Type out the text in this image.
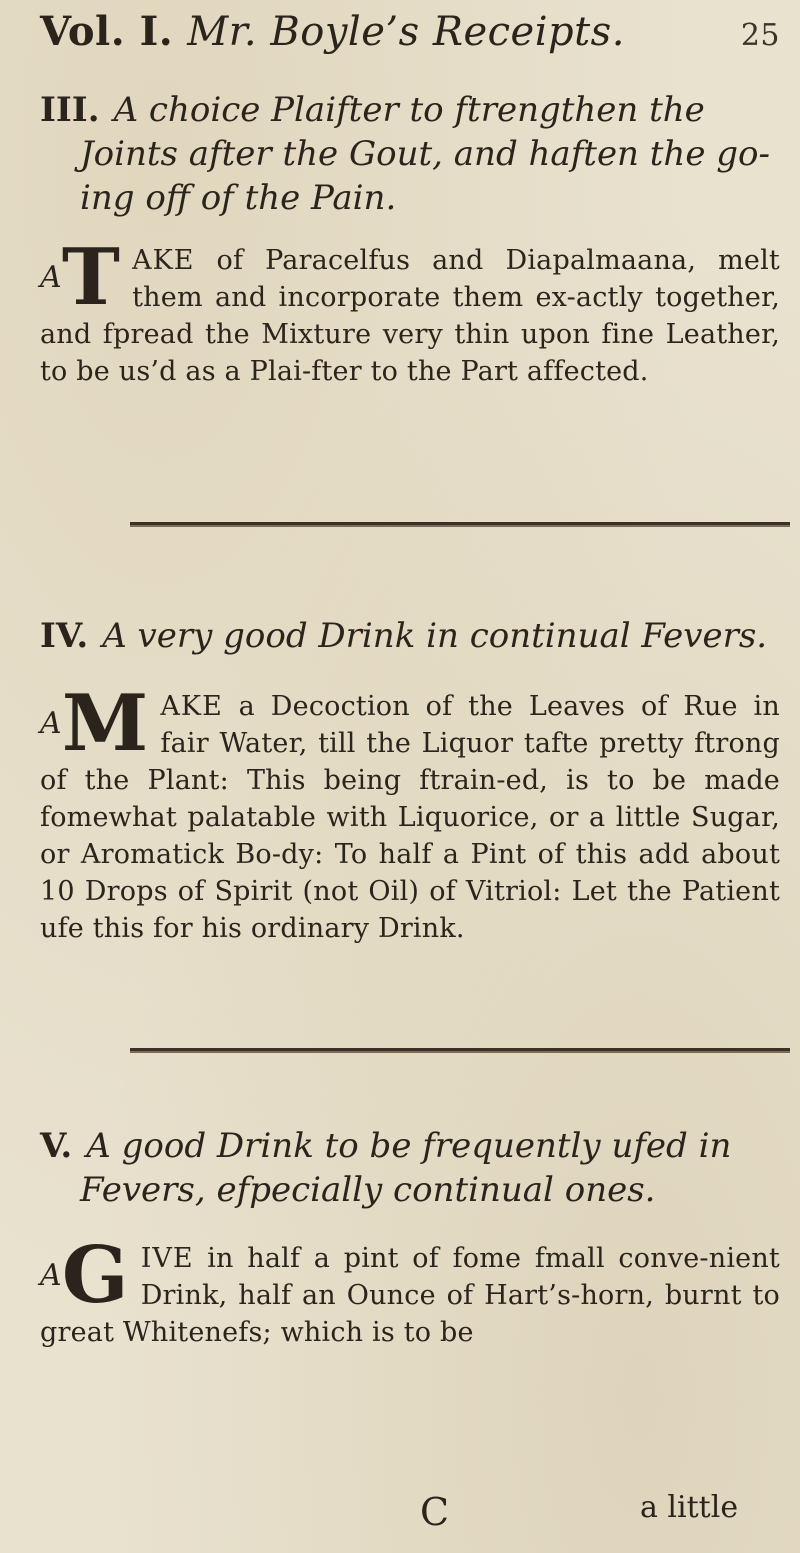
Vol. I. Mr. Boyle’s Receipts.	25
III. A choice Plaifter to ftrengthen the
Joints after the Gout, and haften the go-
ing off of the Pain.

$^A$T AKE of Paracelfus and Diapalmaana, melt them and incorporate them ex-actly together, and fpread the Mixture very thin upon fine Leather, to be us’d as a Plai-fter to the Part affected.

IV. A very good Drink in continual Fevers.

$^A$M AKE a Decoction of the Leaves of Rue in fair Water, till the Liquor tafte pretty ftrong of the Plant: This being ftrain-ed, is to be made fomewhat palatable with Liquorice, or a little Sugar, or Aromatick Bo-dy: To half a Pint of this add about 10 Drops of Spirit (not Oil) of Vitriol: Let the Patient ufe this for his ordinary Drink.

V. A good Drink to be frequently ufed in
Fevers, efpecially continual ones.

$^A$G IVE in half a pint of fome fmall conve-nient Drink, half an Ounce of Hart’s-horn, burnt to great Whitenefs; which is to be

C	a little
